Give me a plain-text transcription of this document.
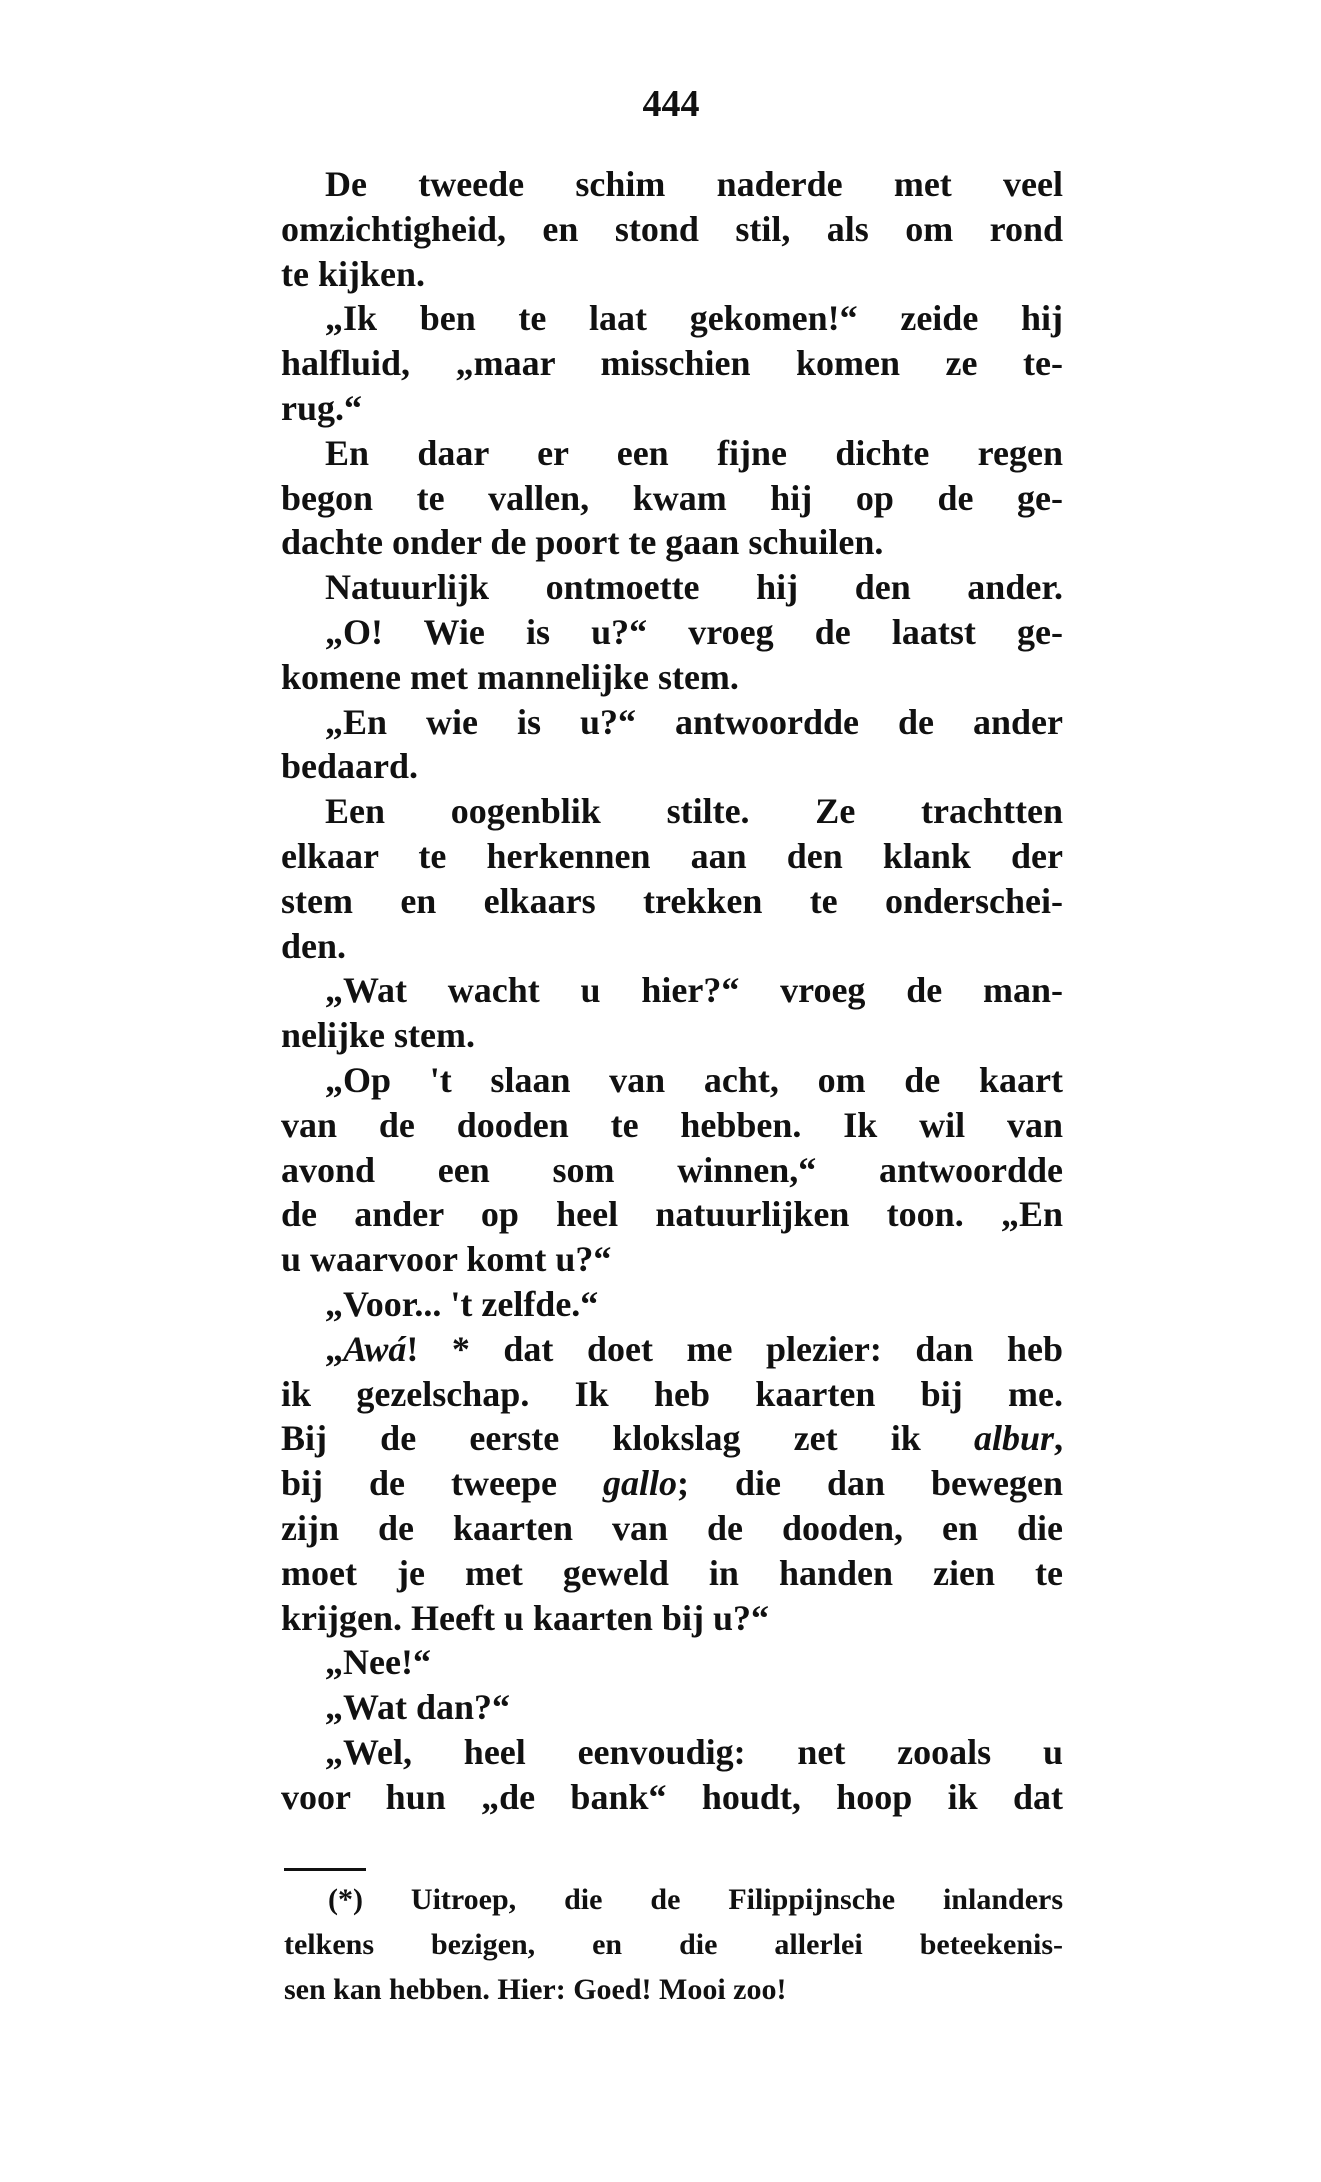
444
De tweede schim naderde met veel
omzichtigheid, en stond stil, als om rond
te kijken.
„Ik ben te laat gekomen!“ zeide hij
halfluid, „maar misschien komen ze te-
rug.“
En daar er een fijne dichte regen
begon te vallen, kwam hij op de ge-
dachte onder de poort te gaan schuilen.
Natuurlijk ontmoette hij den ander.
„O! Wie is u?“ vroeg de laatst ge-
komene met mannelijke stem.
„En wie is u?“ antwoordde de ander
bedaard.
Een oogenblik stilte. Ze trachtten
elkaar te herkennen aan den klank der
stem en elkaars trekken te onderschei-
den.
„Wat wacht u hier?“ vroeg de man-
nelijke stem.
„Op 't slaan van acht, om de kaart
van de dooden te hebben. Ik wil van
avond een som winnen,“ antwoordde
de ander op heel natuurlijken toon. „En
u waarvoor komt u?“
„Voor... 't zelfde.“
„Awá! * dat doet me plezier: dan heb
ik gezelschap. Ik heb kaarten bij me.
Bij de eerste klokslag zet ik albur,
bij de tweepe gallo; die dan bewegen
zijn de kaarten van de dooden, en die
moet je met geweld in handen zien te
krijgen. Heeft u kaarten bij u?“
„Nee!“
„Wat dan?“
„Wel, heel eenvoudig: net zooals u
voor hun „de bank“ houdt, hoop ik dat
(*) Uitroep, die de Filippijnsche inlanders
telkens bezigen, en die allerlei beteekenis-
sen kan hebben. Hier: Goed! Mooi zoo!
